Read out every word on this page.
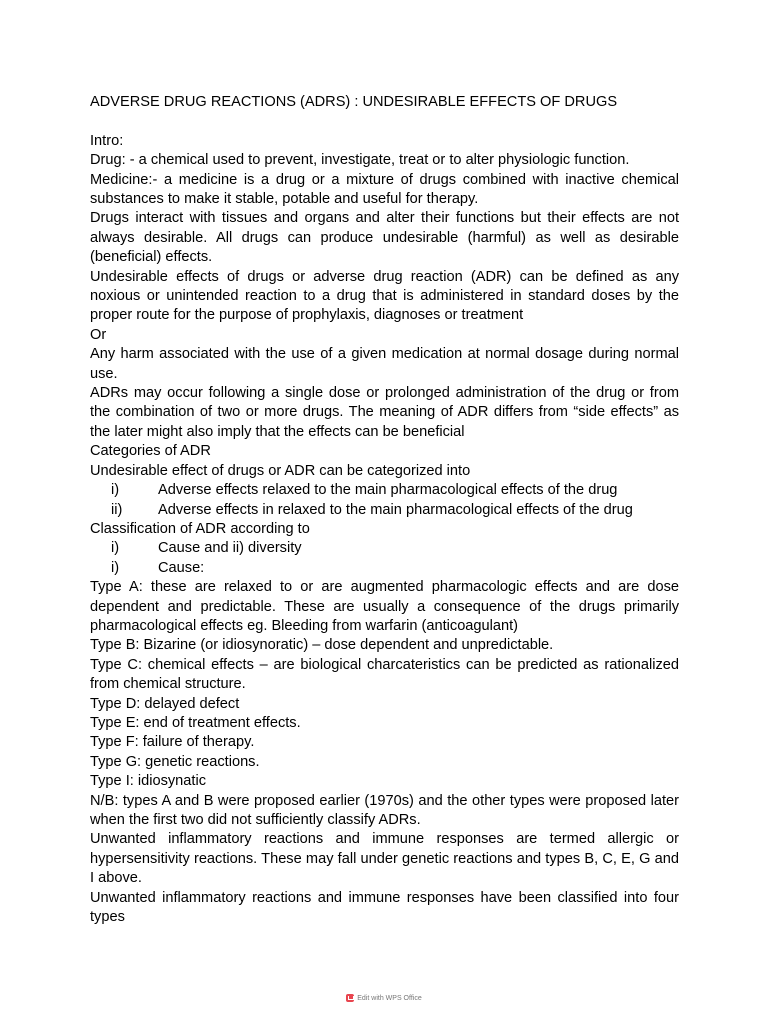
ADVERSE DRUG REACTIONS (ADRS) : UNDESIRABLE EFFECTS OF DRUGS

Intro:

Drug: - a chemical used to prevent, investigate, treat or to alter physiologic function.

Medicine:- a medicine is a drug or a mixture of drugs combined with inactive chemical substances to make it stable, potable and useful for therapy.

Drugs interact with tissues and organs and alter their functions but their effects are not always desirable. All drugs can produce undesirable (harmful) as well as desirable (beneficial) effects.

Undesirable effects of drugs or adverse drug reaction (ADR) can be defined as any noxious or unintended reaction to a drug that is administered in standard doses by the proper route for the purpose of prophylaxis, diagnoses or treatment

Or

Any harm associated with the use of a given medication at normal dosage during normal use.

ADRs may occur following a single dose or prolonged administration of the drug or from the combination of two or more drugs. The meaning of ADR differs from “side effects” as the later might also imply that the effects can be beneficial

Categories of ADR

Undesirable effect of drugs or ADR can be categorized into

i)	Adverse effects relaxed to the main pharmacological effects of the drug
ii)	Adverse effects in relaxed to the main pharmacological effects of the drug

Classification of ADR according to

i)	Cause and ii) diversity
i)	Cause:

Type A: these are relaxed to or are augmented pharmacologic effects and are dose dependent and predictable. These are usually a consequence of the drugs primarily pharmacological effects eg. Bleeding from warfarin (anticoagulant)

Type B: Bizarine (or idiosynoratic) – dose dependent and unpredictable.

Type C: chemical effects – are biological charcateristics can be predicted as rationalized from chemical structure.

Type D: delayed defect

Type E: end of treatment effects.

Type F: failure of therapy.

Type G: genetic reactions.

Type I: idiosynatic

N/B: types A and B were proposed earlier (1970s) and the other types were proposed later when the first two did not sufficiently classify ADRs.

Unwanted inflammatory reactions and immune responses are termed allergic or hypersensitivity reactions. These may fall under genetic reactions and types B, C, E, G and I above.

Unwanted inflammatory reactions and immune responses have been classified into four types

Edit with WPS Office
